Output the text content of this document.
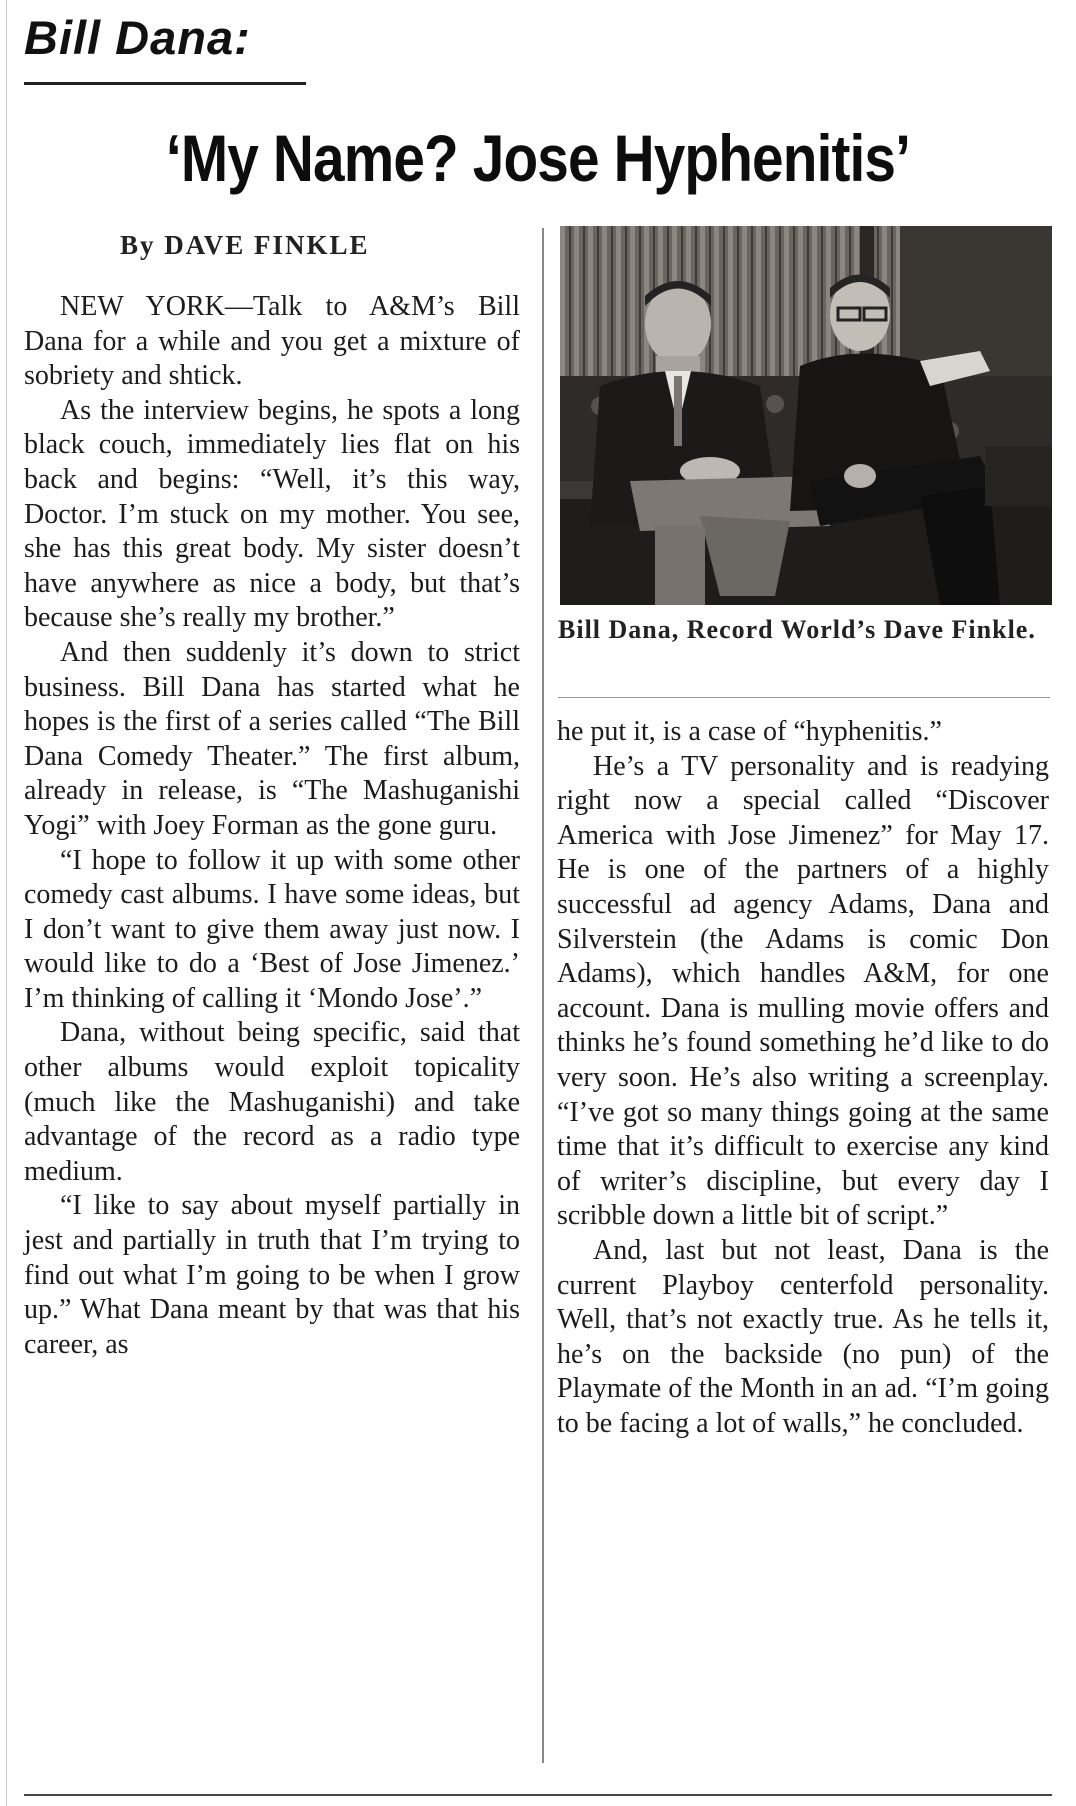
Bill Dana:
‘My Name? Jose Hyphenitis’
By DAVE FINKLE

NEW YORK—Talk to A&M’s Bill Dana for a while and you get a mixture of sobriety and shtick.

As the interview begins, he spots a long black couch, immediately lies flat on his back and begins: “Well, it’s this way, Doctor. I’m stuck on my mother. You see, she has this great body. My sister doesn’t have anywhere as nice a body, but that’s because she’s really my brother.”

And then suddenly it’s down to strict business. Bill Dana has started what he hopes is the first of a series called “The Bill Dana Comedy Theater.” The first album, already in release, is “The Mashuganishi Yogi” with Joey Forman as the gone guru.

“I hope to follow it up with some other comedy cast albums. I have some ideas, but I don’t want to give them away just now. I would like to do a ‘Best of Jose Jimenez.’ I’m thinking of calling it ‘Mondo Jose’.”

Dana, without being specific, said that other albums would exploit topicality (much like the Mashuganishi) and take advantage of the record as a radio type medium.

“I like to say about myself partially in jest and partially in truth that I’m trying to find out what I’m going to be when I grow up.” What Dana meant by that was that his career, as

Bill Dana, Record World’s Dave Finkle.

he put it, is a case of “hyphenitis.”

He’s a TV personality and is readying right now a special called “Discover America with Jose Jimenez” for May 17. He is one of the partners of a highly successful ad agency Adams, Dana and Silverstein (the Adams is comic Don Adams), which handles A&M, for one account. Dana is mulling movie offers and thinks he’s found something he’d like to do very soon. He’s also writing a screenplay. “I’ve got so many things going at the same time that it’s difficult to exercise any kind of writer’s discipline, but every day I scribble down a little bit of script.”

And, last but not least, Dana is the current Playboy centerfold personality. Well, that’s not exactly true. As he tells it, he’s on the backside (no pun) of the Playmate of the Month in an ad. “I’m going to be facing a lot of walls,” he concluded.
